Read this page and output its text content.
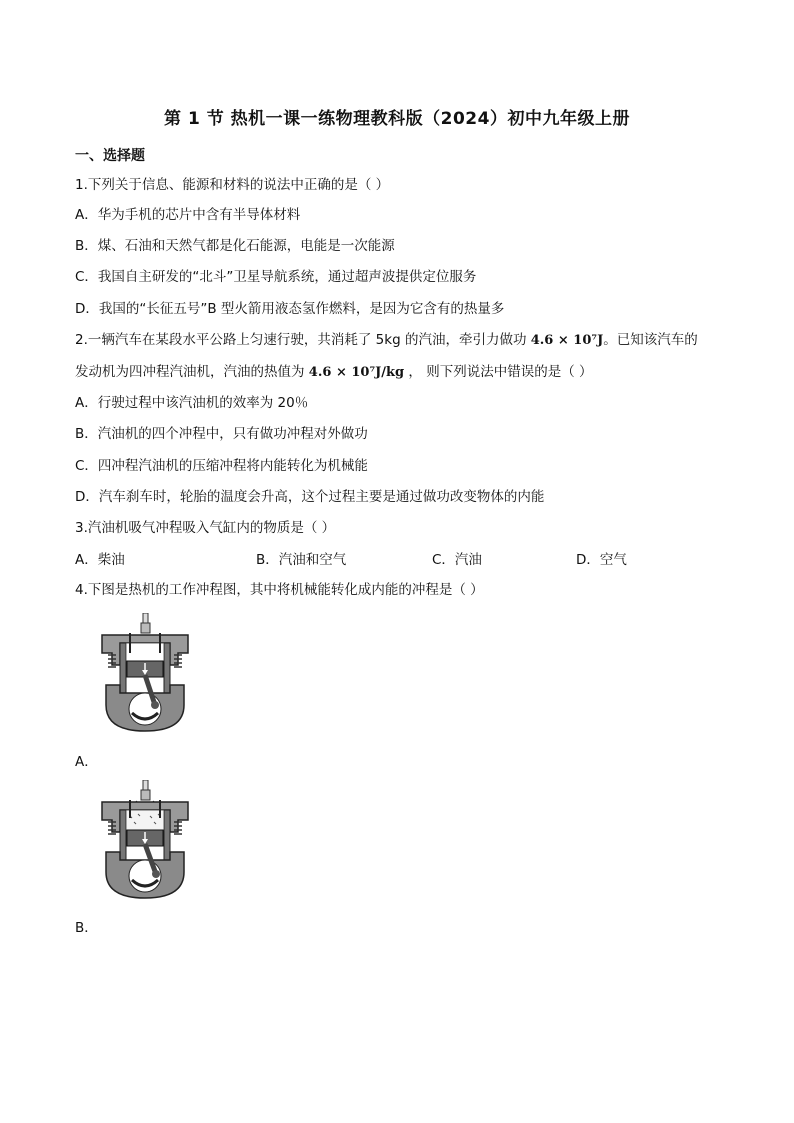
第 1 节 热机一课一练物理教科版（2024）初中九年级上册
一、选择题
1.下列关于信息、能源和材料的说法中正确的是（ ）
A．华为手机的芯片中含有半导体材料
B．煤、石油和天然气都是化石能源，电能是一次能源
C．我国自主研发的“北斗”卫星导航系统，通过超声波提供定位服务
D．我国的“长征五号”B 型火箭用液态氢作燃料，是因为它含有的热量多
2.一辆汽车在某段水平公路上匀速行驶，共消耗了 5kg 的汽油，牵引力做功 4.6 × 10⁷J。已知该汽车的
发动机为四冲程汽油机，汽油的热值为 4.6 × 10⁷J/kg ， 则下列说法中错误的是（ ）
A．行驶过程中该汽油机的效率为 20％
B．汽油机的四个冲程中，只有做功冲程对外做功
C．四冲程汽油机的压缩冲程将内能转化为机械能
D．汽车刹车时，轮胎的温度会升高，这个过程主要是通过做功改变物体的内能
3.汽油机吸气冲程吸入气缸内的物质是（ ）
A．柴油	B．汽油和空气	C．汽油	D．空气
4.下图是热机的工作冲程图，其中将机械能转化成内能的冲程是（ ）
A．
B．
